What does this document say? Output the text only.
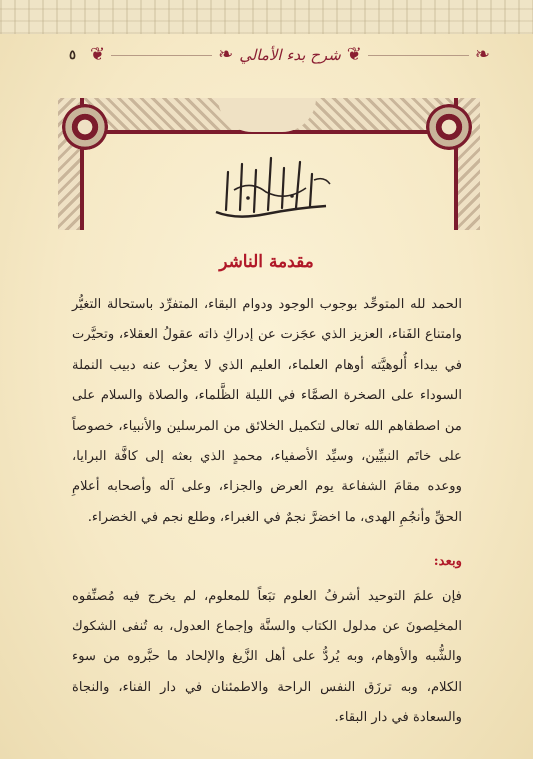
٥ ❦	❧ شرح بدء الأمالي ❦	❧
مقدمة الناشر

الحمد لله المتوحِّد بوجوب الوجود ودوام البقاء، المتفرِّد باستحالة التغيُّر وامتناع الفَناء، العزيز الذي عجَزت عن إدراكِ ذاته عقولُ العقلاء، وتحيَّرت في بيداء أُلوهيَّته أوهام العلماء، العليم الذي لا يعزُب عنه دبيب النملة السوداء على الصخرة الصمَّاء في الليلة الظَّلماء، والصلاة والسلام على من اصطفاهم الله تعالى لتكميل الخلائق من المرسلين والأنبياء، خصوصاً على خاتَم النبيِّين، وسيِّد الأصفياء، محمدٍ الذي بعثه إلى كافَّة البرايا، ووعده مقامَ الشفاعة يوم العرض والجزاء، وعلى آله وأصحابه أعلامِ الحقِّ وأنجُمِ الهدى، ما اخضرَّ نجمٌ في الغبراء، وطلع نجم في الخضراء.

وبعد:

فإن علمَ التوحيد أشرفُ العلوم تبَعاً للمعلوم، لم يخرج فيه مُصنِّفوه المخلِصونَ عن مدلول الكتاب والسنَّة وإجماع العدول، به تُنفى الشكوك والشُّبه والأوهام، وبه يُردُّ على أهل الزَّيغ والإلحاد ما حبَّروه من سوء الكلام، وبه ترزَق النفس الراحة والاطمئنان في دار الفناء، والنجاة والسعادة في دار البقاء.
